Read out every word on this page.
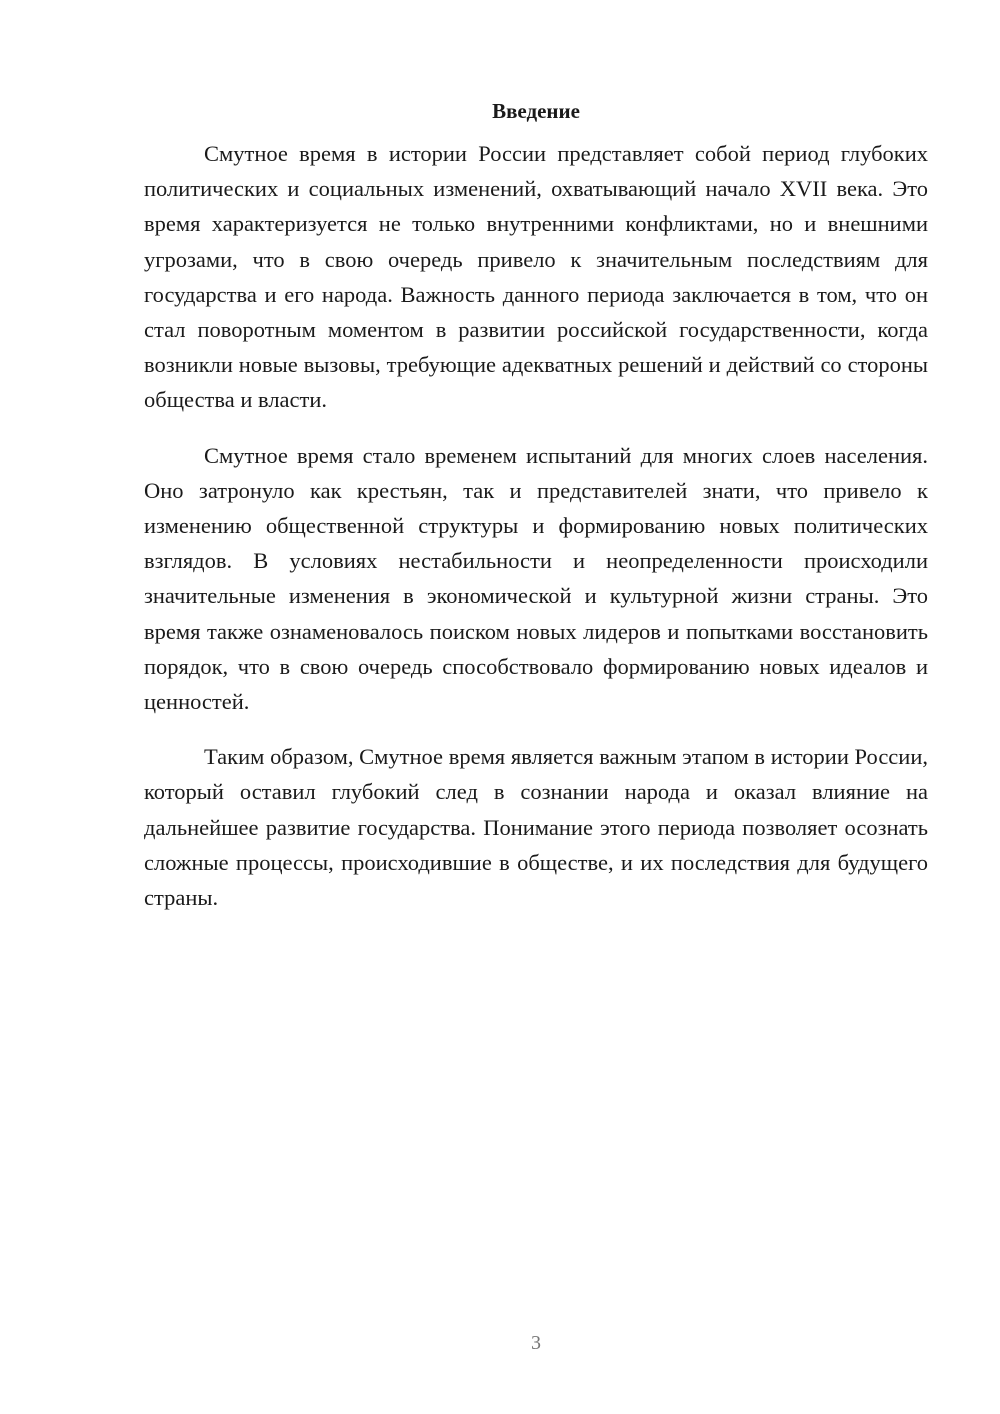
Введение

Смутное время в истории России представляет собой период глубоких политических и социальных изменений, охватывающий начало XVII века. Это время характеризуется не только внутренними конфликтами, но и внешними угрозами, что в свою очередь привело к значительным последствиям для государства и его народа. Важность данного периода заключается в том, что он стал поворотным моментом в развитии российской государственности, когда возникли новые вызовы, требующие адекватных решений и действий со стороны общества и власти.

Смутное время стало временем испытаний для многих слоев населения. Оно затронуло как крестьян, так и представителей знати, что привело к изменению общественной структуры и формированию новых политических взглядов. В условиях нестабильности и неопределенности происходили значительные изменения в экономической и культурной жизни страны. Это время также ознаменовалось поиском новых лидеров и попытками восстановить порядок, что в свою очередь способствовало формированию новых идеалов и ценностей.

Таким образом, Смутное время является важным этапом в истории России, который оставил глубокий след в сознании народа и оказал влияние на дальнейшее развитие государства. Понимание этого периода позволяет осознать сложные процессы, происходившие в обществе, и их последствия для будущего страны.

3
